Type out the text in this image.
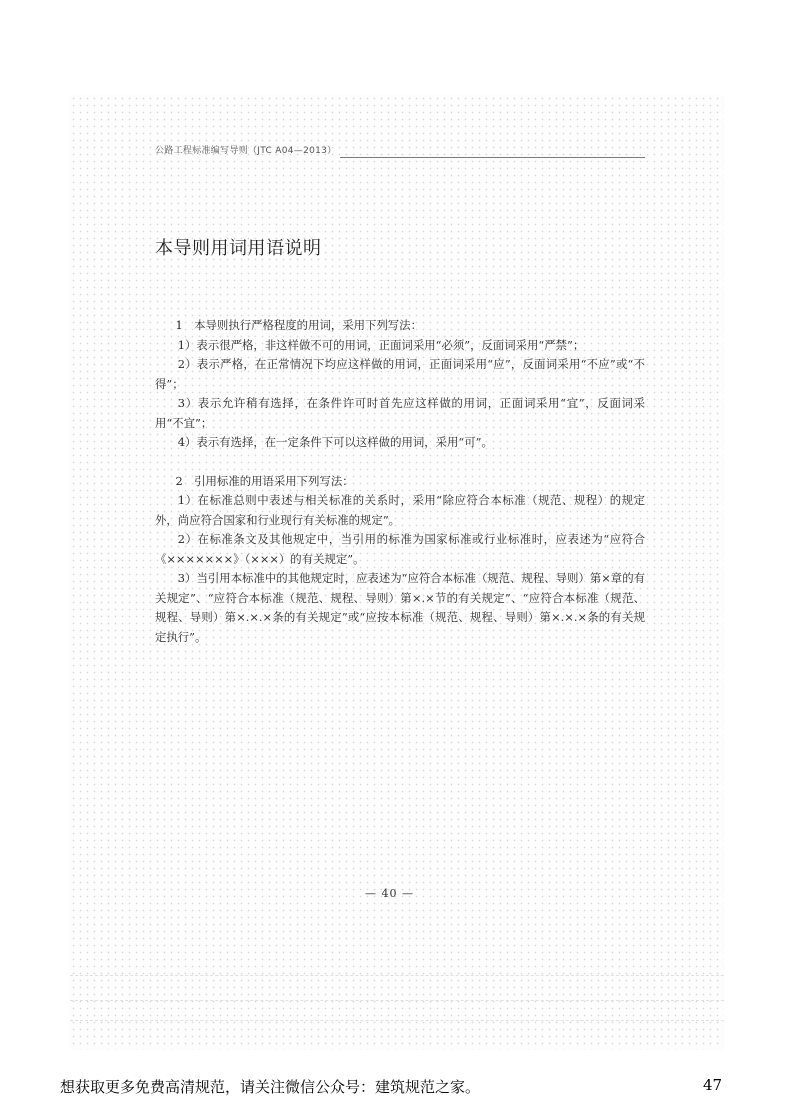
公路工程标准编写导则（JTC A04—2013）
本导则用词用语说明

1　本导则执行严格程度的用词，采用下列写法：

1）表示很严格，非这样做不可的用词，正面词采用“必须”，反面词采用“严禁”；

2）表示严格，在正常情况下均应这样做的用词，正面词采用“应”，反面词采用“不应”或“不得”；

3）表示允许稍有选择，在条件许可时首先应这样做的用词，正面词采用“宜”，反面词采用“不宜”；

4）表示有选择，在一定条件下可以这样做的用词，采用“可”。

2　引用标准的用语采用下列写法：

1）在标准总则中表述与相关标准的关系时，采用“除应符合本标准（规范、规程）的规定外，尚应符合国家和行业现行有关标准的规定”。

2）在标准条文及其他规定中，当引用的标准为国家标准或行业标准时，应表述为“应符合《×××××××》（×××）的有关规定”。

3）当引用本标准中的其他规定时，应表述为“应符合本标准（规范、规程、导则）第×章的有关规定”、“应符合本标准（规范、规程、导则）第×.×节的有关规定”、“应符合本标准（规范、规程、导则）第×.×.×条的有关规定”或“应按本标准（规范、规程、导则）第×.×.×条的有关规定执行”。

— 40 —
想获取更多免费高清规范，请关注微信公众号：建筑规范之家。	47
